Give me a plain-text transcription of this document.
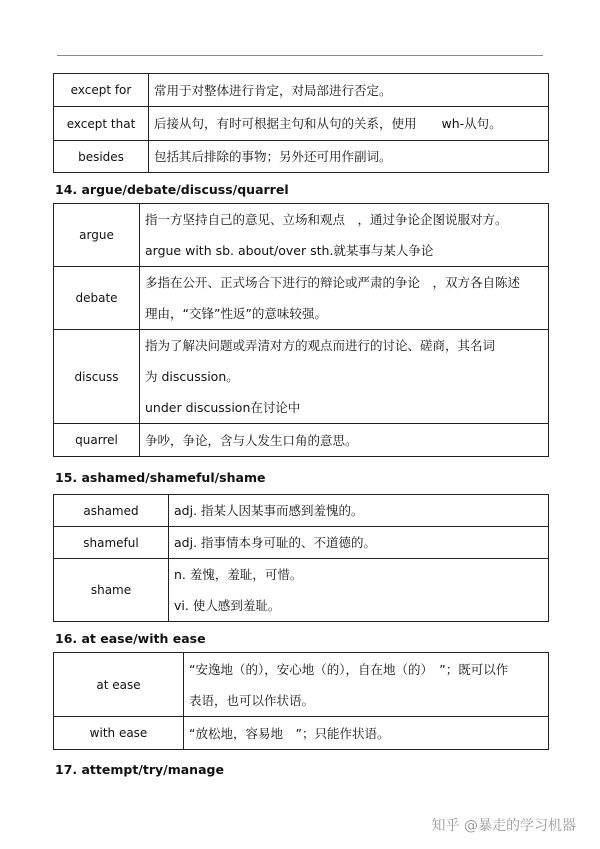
except for	常用于对整体进行肯定，对局部进行否定。

except that	后接从句，有时可根据主句和从句的关系，使用　　wh-从句。

besides	包括其后排除的事物；另外还可用作副词。
14. argue/debate/discuss/quarrel
argue	指一方坚持自己的意见、立场和观点　，通过争论企图说服对方。
argue with sb. about/over sth.就某事与某人争论

debate	多指在公开、正式场合下进行的辩论或严肃的争论　，双方各自陈述
理由，“交锋”性返”的意味较强。

discuss	指为了解决问题或弄清对方的观点而进行的讨论、磋商，其名词
为 discussion。
under discussion在讨论中

quarrel	争吵，争论，含与人发生口角的意思。
15. ashamed/shameful/shame
ashamed	adj. 指某人因某事而感到羞愧的。

shameful	adj. 指事情本身可耻的、不道德的。

shame	n. 羞愧，羞耻，可惜。
vi. 使人感到羞耻。
16. at ease/with ease
at ease	“安逸地（的），安心地（的），自在地（的）　”；既可以作
表语，也可以作状语。

with ease	“放松地，容易地　”；只能作状语。
17. attempt/try/manage
知乎 @暴走的学习机器
